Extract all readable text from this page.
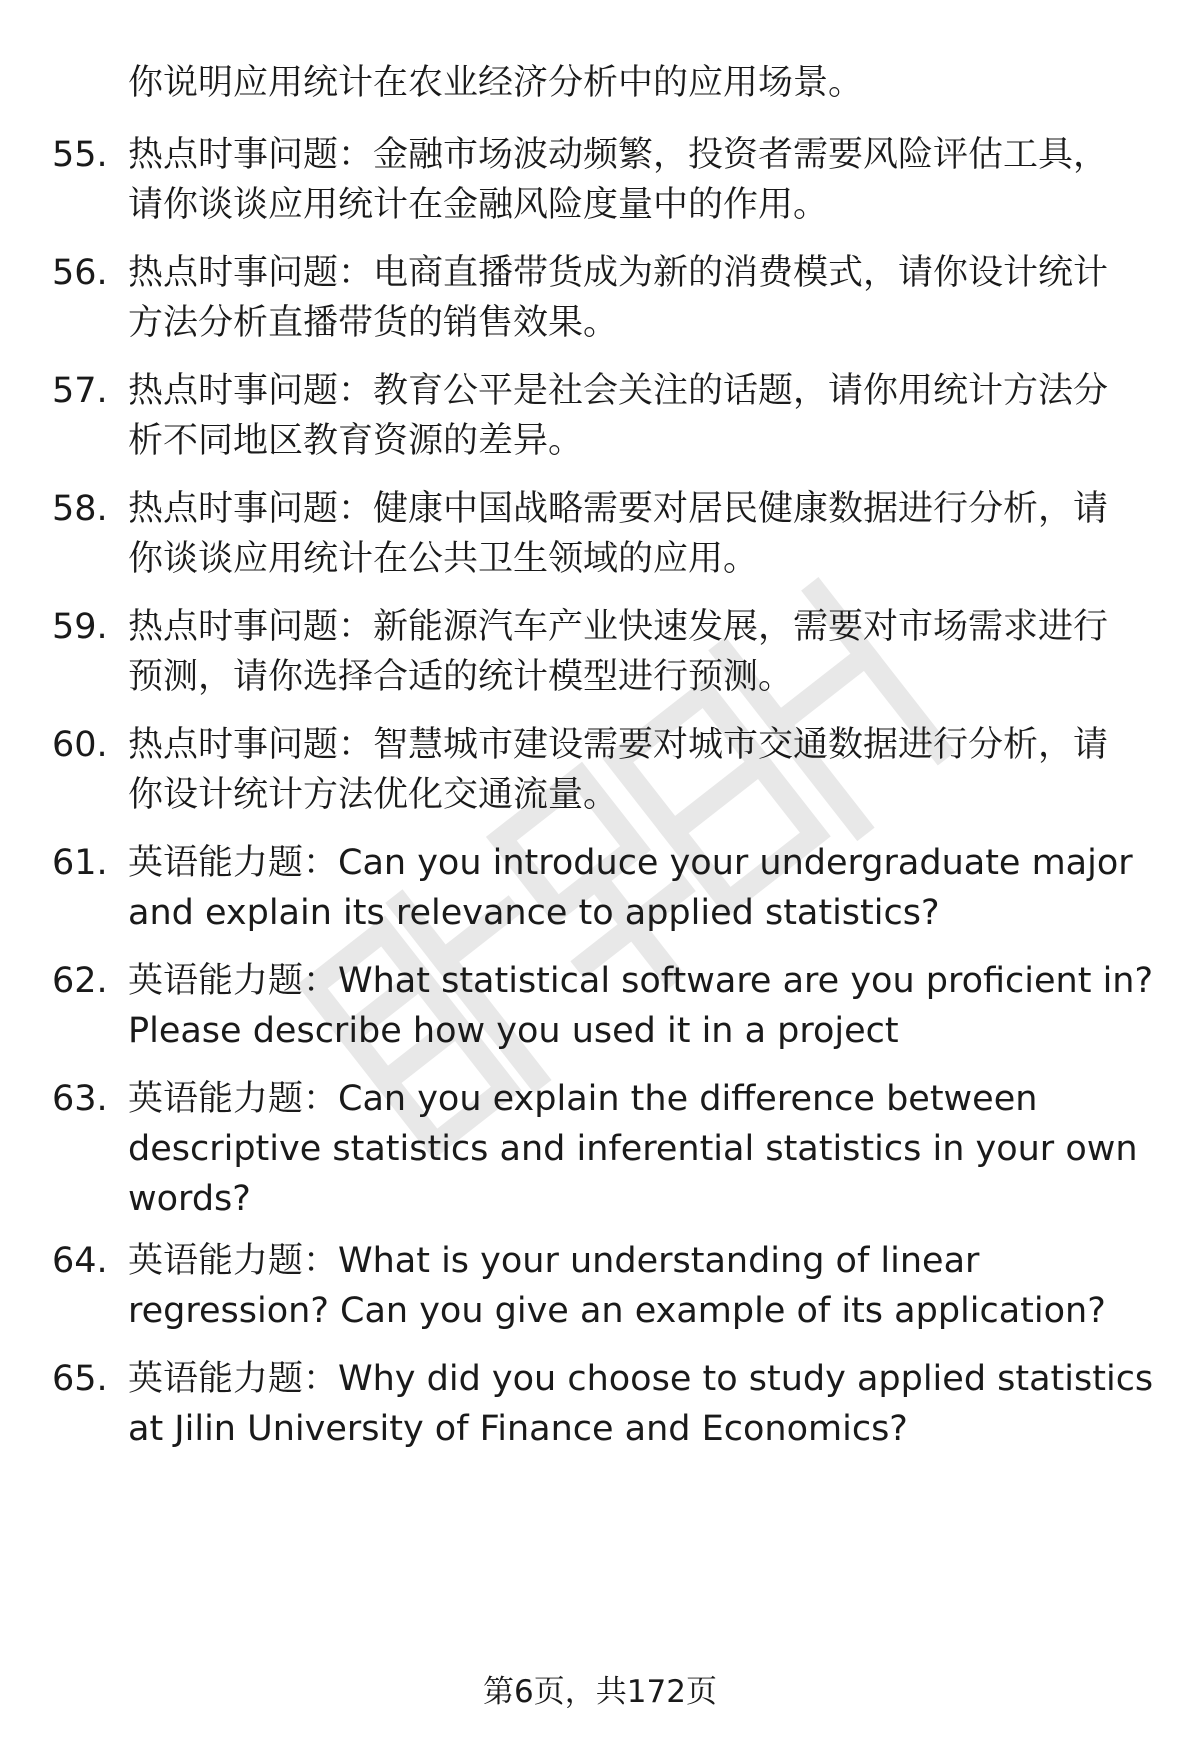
你说明应用统计在农业经济分析中的应用场景。
55. 热点时事问题：金融市场波动频繁，投资者需要风险评估工具，
请你谈谈应用统计在金融风险度量中的作用。
56. 热点时事问题：电商直播带货成为新的消费模式，请你设计统计
方法分析直播带货的销售效果。
57. 热点时事问题：教育公平是社会关注的话题，请你用统计方法分
析不同地区教育资源的差异。
58. 热点时事问题：健康中国战略需要对居民健康数据进行分析，请
你谈谈应用统计在公共卫生领域的应用。
59. 热点时事问题：新能源汽车产业快速发展，需要对市场需求进行
预测，请你选择合适的统计模型进行预测。
60. 热点时事问题：智慧城市建设需要对城市交通数据进行分析，请
你设计统计方法优化交通流量。
61. 英语能力题：Can you introduce your undergraduate major
and explain its relevance to applied statistics?
62. 英语能力题：What statistical software are you proficient in?
Please describe how you used it in a project
63. 英语能力题：Can you explain the difference between
descriptive statistics and inferential statistics in your own
words?
64. 英语能力题：What is your understanding of linear
regression? Can you give an example of its application?
65. 英语能力题：Why did you choose to study applied statistics
at Jilin University of Finance and Economics?
第6页，共172页
